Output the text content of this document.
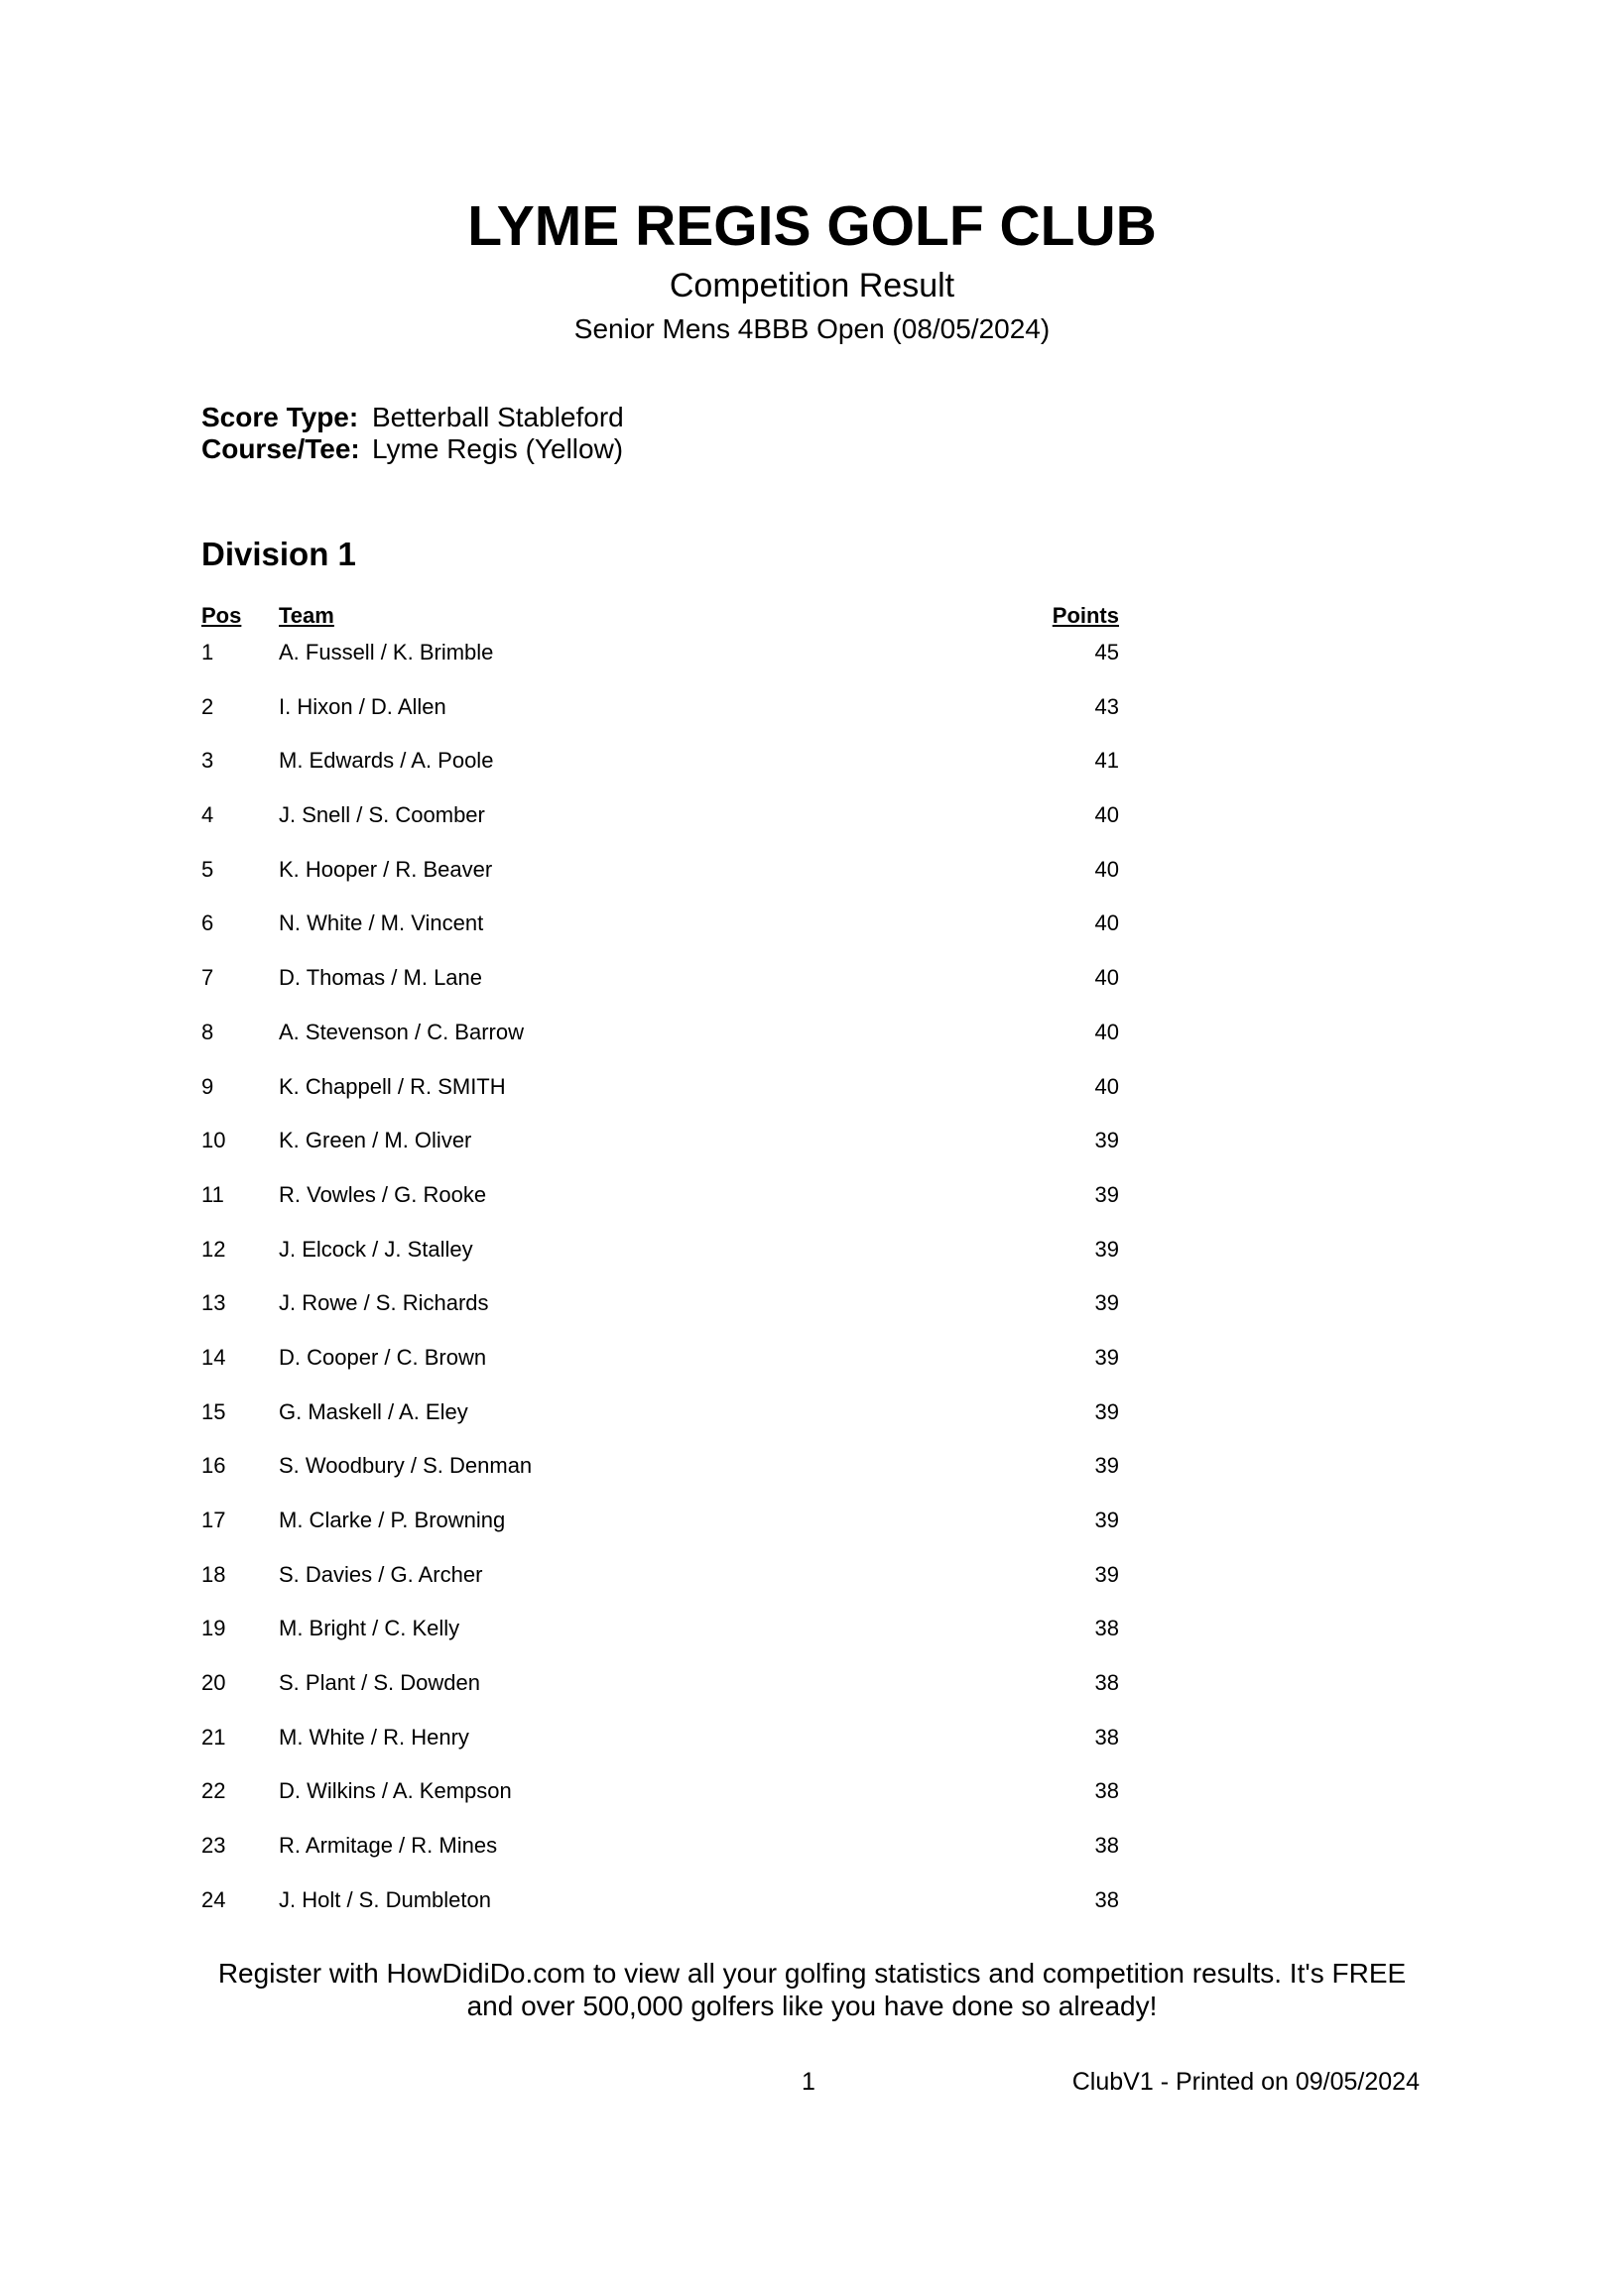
LYME REGIS GOLF CLUB
Competition Result
Senior Mens 4BBB Open (08/05/2024)
Score Type: Betterball Stableford
Course/Tee: Lyme Regis (Yellow)
Division 1
Pos Team	Points
1	A. Fussell / K. Brimble	45
2	I. Hixon / D. Allen	43
3	M. Edwards / A. Poole	41
4	J. Snell / S. Coomber	40
5	K. Hooper / R. Beaver	40
6	N. White / M. Vincent	40
7	D. Thomas / M. Lane	40
8	A. Stevenson / C. Barrow	40
9	K. Chappell / R. SMITH	40
10 K. Green / M. Oliver	39
11	R. Vowles / G. Rooke	39
12 J. Elcock / J. Stalley	39
13 J. Rowe / S. Richards	39
14 D. Cooper / C. Brown	39
15 G. Maskell / A. Eley	39
16 S. Woodbury / S. Denman	39
17 M. Clarke / P. Browning	39
18 S. Davies / G. Archer	39
19 M. Bright / C. Kelly	38
20 S. Plant / S. Dowden	38
21 M. White / R. Henry	38
22 D. Wilkins / A. Kempson	38
23 R. Armitage / R. Mines	38
24 J. Holt / S. Dumbleton	38
Register with HowDidiDo.com to view all your golfing statistics and competition results. It's FREE
and over 500,000 golfers like you have done so already!
1	ClubV1 - Printed on 09/05/2024
